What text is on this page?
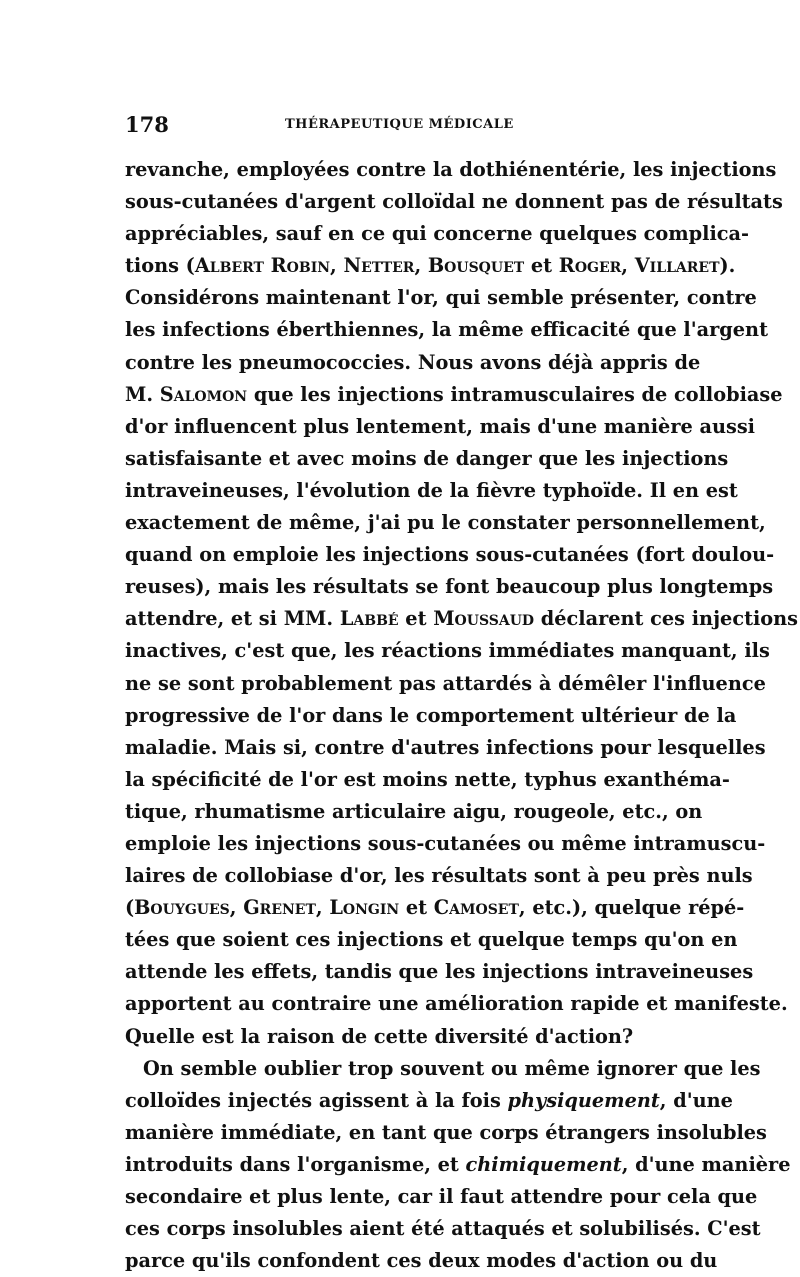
178	THÉRAPEUTIQUE MÉDICALE
revanche, employées contre la dothiénentérie, les injections
sous-cutanées d'argent colloïdal ne donnent pas de résultats
appréciables, sauf en ce qui concerne quelques complica-
tions (Albert Robin, Netter, Bousquet et Roger, Villaret).
Considérons maintenant l'or, qui semble présenter, contre
les infections éberthiennes, la même efficacité que l'argent
contre les pneumococcies. Nous avons déjà appris de
M. Salomon que les injections intramusculaires de collobiase
d'or influencent plus lentement, mais d'une manière aussi
satisfaisante et avec moins de danger que les injections
intraveineuses, l'évolution de la fièvre typhoïde. Il en est
exactement de même, j'ai pu le constater personnellement,
quand on emploie les injections sous-cutanées (fort doulou-
reuses), mais les résultats se font beaucoup plus longtemps
attendre, et si MM. Labbé et Moussaud déclarent ces injections
inactives, c'est que, les réactions immédiates manquant, ils
ne se sont probablement pas attardés à démêler l'influence
progressive de l'or dans le comportement ultérieur de la
maladie. Mais si, contre d'autres infections pour lesquelles
la spécificité de l'or est moins nette, typhus exanthéma-
tique, rhumatisme articulaire aigu, rougeole, etc., on
emploie les injections sous-cutanées ou même intramuscu-
laires de collobiase d'or, les résultats sont à peu près nuls
(Bouygues, Grenet, Longin et Camoset, etc.), quelque répé-
tées que soient ces injections et quelque temps qu'on en
attende les effets, tandis que les injections intraveineuses
apportent au contraire une amélioration rapide et manifeste.
Quelle est la raison de cette diversité d'action?
On semble oublier trop souvent ou même ignorer que les
colloïdes injectés agissent à la fois physiquement, d'une
manière immédiate, en tant que corps étrangers insolubles
introduits dans l'organisme, et chimiquement, d'une manière
secondaire et plus lente, car il faut attendre pour cela que
ces corps insolubles aient été attaqués et solubilisés. C'est
parce qu'ils confondent ces deux modes d'action ou du
